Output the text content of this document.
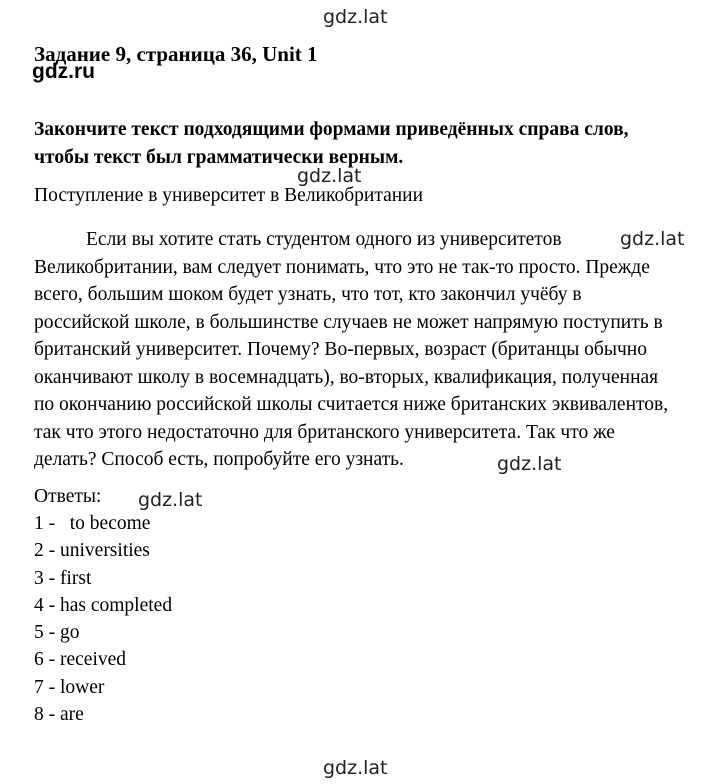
gdz.lat
gdz.ru
gdz.lat
gdz.lat
gdz.lat
gdz.lat
gdz.lat
Задание 9, страница 36, Unit 1
Закончите текст подходящими формами приведённых справа слов,
чтобы текст был грамматически верным.
Поступление в университет в Великобритании
Если вы хотите стать студентом одного из университетов
Великобритании, вам следует понимать, что это не так-то просто. Прежде
всего, большим шоком будет узнать, что тот, кто закончил учёбу в
российской школе, в большинстве случаев не может напрямую поступить в
британский университет. Почему? Во-первых, возраст (британцы обычно
оканчивают школу в восемнадцать), во-вторых, квалификация, полученная
по окончанию российской школы считается ниже британских эквивалентов,
так что этого недостаточно для британского университета. Так что же
делать? Способ есть, попробуйте его узнать.
Ответы:
1 -   to become
2 - universities
3 - first
4 - has completed
5 - go
6 - received
7 - lower
8 - are
